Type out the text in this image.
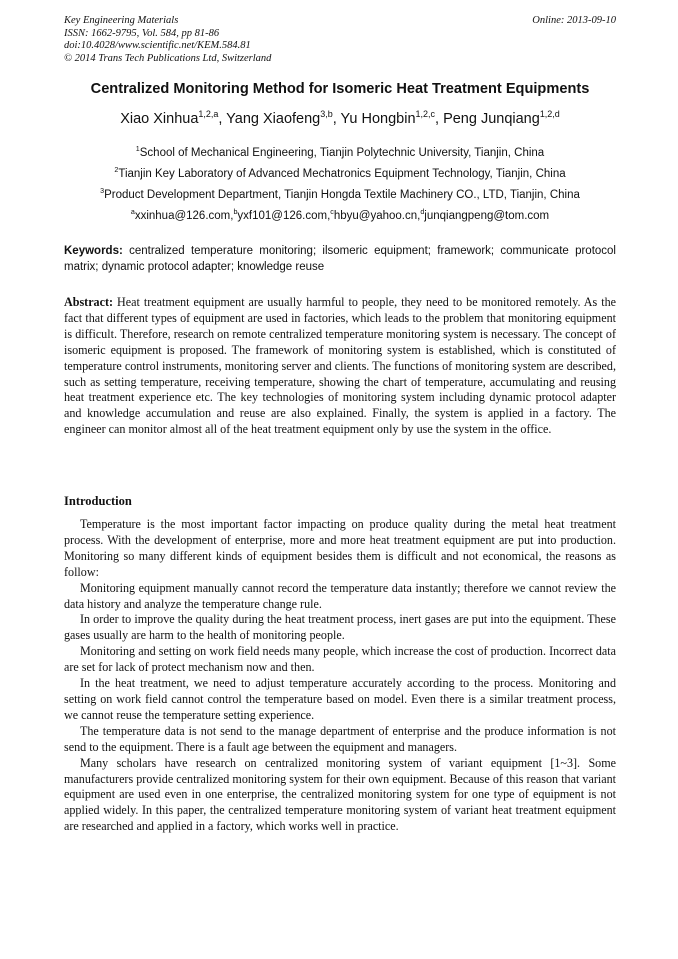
Key Engineering Materials
ISSN: 1662-9795, Vol. 584, pp 81-86
doi:10.4028/www.scientific.net/KEM.584.81
© 2014 Trans Tech Publications Ltd, Switzerland
Online: 2013-09-10
Centralized Monitoring Method for Isomeric Heat Treatment Equipments
Xiao Xinhua$^{1,2,a}$, Yang Xiaofeng$^{3,b}$, Yu Hongbin$^{1,2,c}$, Peng Junqiang$^{1,2,d}$
$^1$School of Mechanical Engineering, Tianjin Polytechnic University, Tianjin, China
$^2$Tianjin Key Laboratory of Advanced Mechatronics Equipment Technology, Tianjin, China
$^3$Product Development Department, Tianjin Hongda Textile Machinery CO., LTD, Tianjin, China
$^a$xxinhua@126.com,$^b$yxf101@126.com,$^c$hbyu@yahoo.cn,$^d$junqiangpeng@tom.com
Keywords: centralized temperature monitoring; ilsomeric equipment; framework; communicate protocol matrix; dynamic protocol adapter; knowledge reuse

Abstract: Heat treatment equipment are usually harmful to people, they need to be monitored remotely. As the fact that different types of equipment are used in factories, which leads to the problem that monitoring equipment is difficult. Therefore, research on remote centralized temperature monitoring system is necessary. The concept of isomeric equipment is proposed. The framework of monitoring system is established, which is constituted of temperature control instruments, monitoring server and clients. The functions of monitoring system are described, such as setting temperature, receiving temperature, showing the chart of temperature, accumulating and reusing heat treatment experience etc. The key technologies of monitoring system including dynamic protocol adapter and knowledge accumulation and reuse are also explained. Finally, the system is applied in a factory. The engineer can monitor almost all of the heat treatment equipment only by use the system in the office.

Introduction

Temperature is the most important factor impacting on produce quality during the metal heat treatment process. With the development of enterprise, more and more heat treatment equipment are put into production. Monitoring so many different kinds of equipment besides them is difficult and not economical, the reasons as follow:

Monitoring equipment manually cannot record the temperature data instantly; therefore we cannot review the data history and analyze the temperature change rule.

In order to improve the quality during the heat treatment process, inert gases are put into the equipment. These gases usually are harm to the health of monitoring people.

Monitoring and setting on work field needs many people, which increase the cost of production. Incorrect data are set for lack of protect mechanism now and then.

In the heat treatment, we need to adjust temperature accurately according to the process. Monitoring and setting on work field cannot control the temperature based on model. Even there is a similar treatment process, we cannot reuse the temperature setting experience.

The temperature data is not send to the manage department of enterprise and the produce information is not send to the equipment. There is a fault age between the equipment and managers.

Many scholars have research on centralized monitoring system of variant equipment [1~3]. Some manufacturers provide centralized monitoring system for their own equipment. Because of this reason that variant equipment are used even in one enterprise, the centralized monitoring system for one type of equipment is not applied widely. In this paper, the centralized temperature monitoring system of variant heat treatment equipment are researched and applied in a factory, which works well in practice.
